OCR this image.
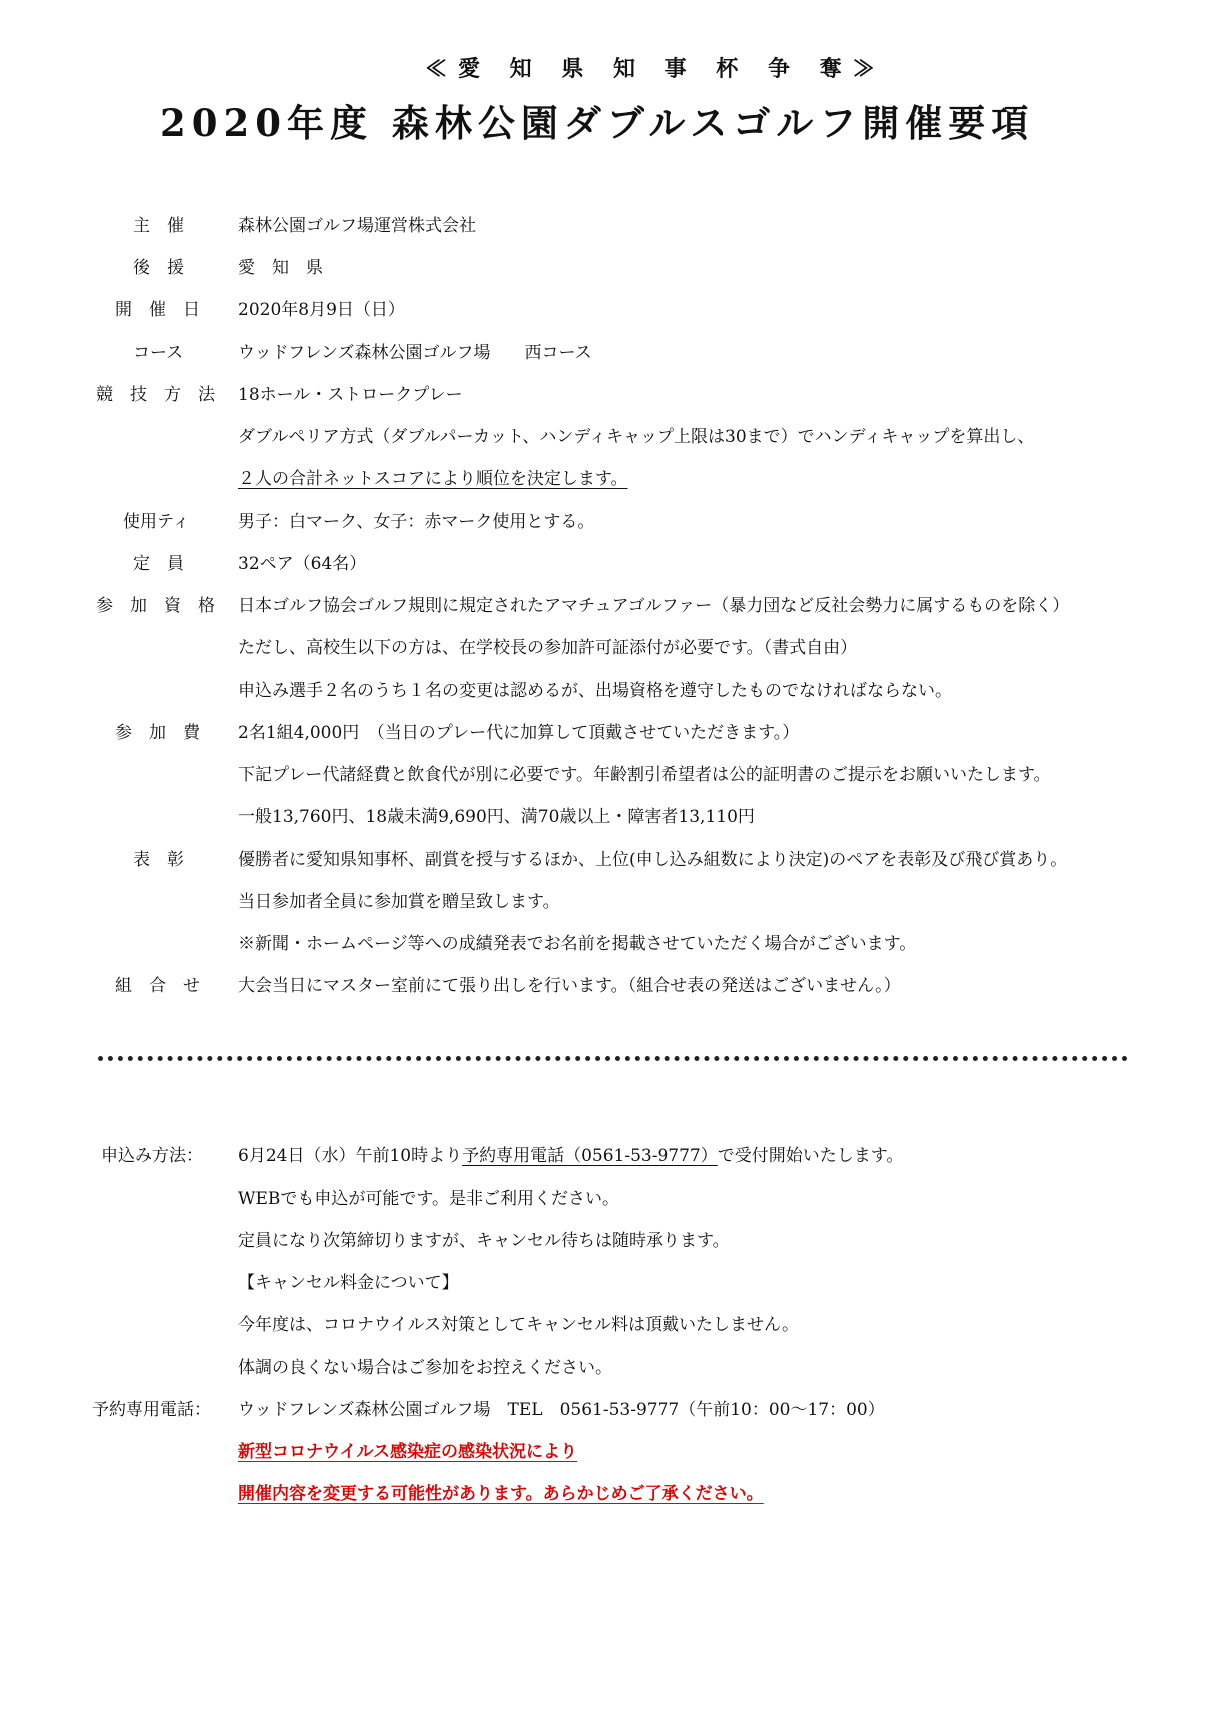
≪愛 知 県 知 事 杯 争 奪≫
2020年度 森林公園ダブルスゴルフ開催要項
主　催	森林公園ゴルフ場運営株式会社
後　援	愛　知　県
開　催　日 2020年8月9日（日）
コース	ウッドフレンズ森林公園ゴルフ場　　西コース
競　技　方　法 18ホール・ストロークプレー
ダブルペリア方式（ダブルパーカット、ハンディキャップ上限は30まで）でハンディキャップを算出し、
２人の合計ネットスコアにより順位を決定します。
使用ティ	男子：白マーク、女子：赤マーク使用とする。
定　員	32ペア（64名）
参　加　資　格 日本ゴルフ協会ゴルフ規則に規定されたアマチュアゴルファー（暴力団など反社会勢力に属するものを除く）
ただし、高校生以下の方は、在学校長の参加許可証添付が必要です。（書式自由）
申込み選手２名のうち１名の変更は認めるが、出場資格を遵守したものでなければならない。
参　加　費 2名1組4,000円　（当日のプレー代に加算して頂戴させていただきます。）
下記プレー代諸経費と飲食代が別に必要です。年齢割引希望者は公的証明書のご提示をお願いいたします。
一般13,760円、18歳未満9,690円、満70歳以上・障害者13,110円
表　彰	優勝者に愛知県知事杯、副賞を授与するほか、上位(申し込み組数により決定)のペアを表彰及び飛び賞あり。
当日参加者全員に参加賞を贈呈致します。
※新聞・ホームページ等への成績発表でお名前を掲載させていただく場合がございます。
組　合　せ 大会当日にマスター室前にて張り出しを行います。（組合せ表の発送はございません。）
申込み方法： 6月24日（水）午前10時より予約専用電話（0561-53-9777）で受付開始いたします。
WEBでも申込が可能です。是非ご利用ください。
定員になり次第締切りますが、キャンセル待ちは随時承ります。
【キャンセル料金について】
今年度は、コロナウイルス対策としてキャンセル料は頂戴いたしません。
体調の良くない場合はご参加をお控えください。
予約専用電話： ウッドフレンズ森林公園ゴルフ場　TEL　0561-53-9777（午前10：00～17：00）
新型コロナウイルス感染症の感染状況により
開催内容を変更する可能性があります。あらかじめご了承ください。
